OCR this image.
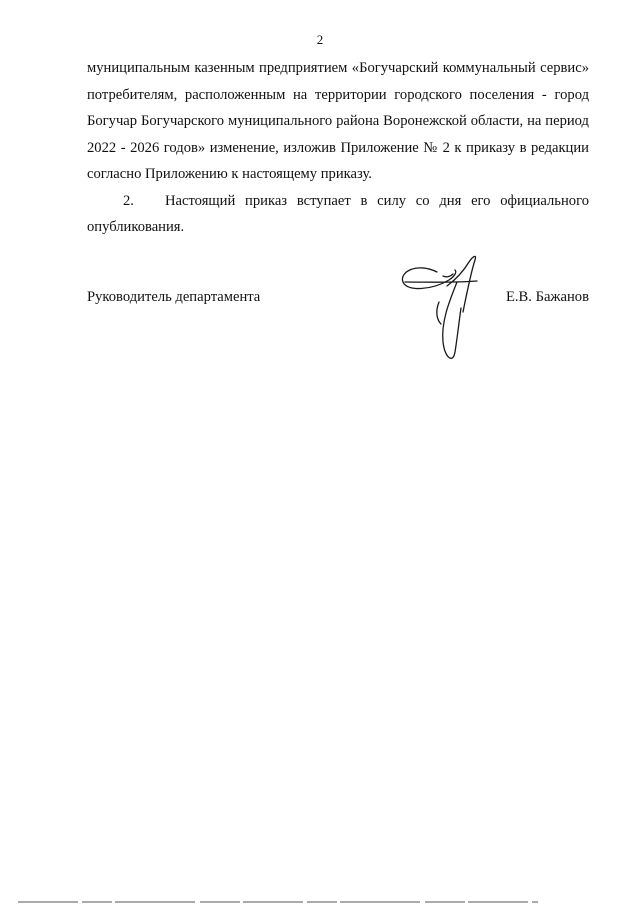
2

муниципальным казенным предприятием «Богучарский коммунальный сервис» потребителям, расположенным на территории городского поселения - город Богучар Богучарского муниципального района Воронежской области, на период 2022 - 2026 годов» изменение, изложив Приложение № 2 к приказу в редакции согласно Приложению к настоящему приказу.

2. Настоящий приказ вступает в силу со дня его официального опубликования.

Руководитель департамента	Е.В. Бажанов
